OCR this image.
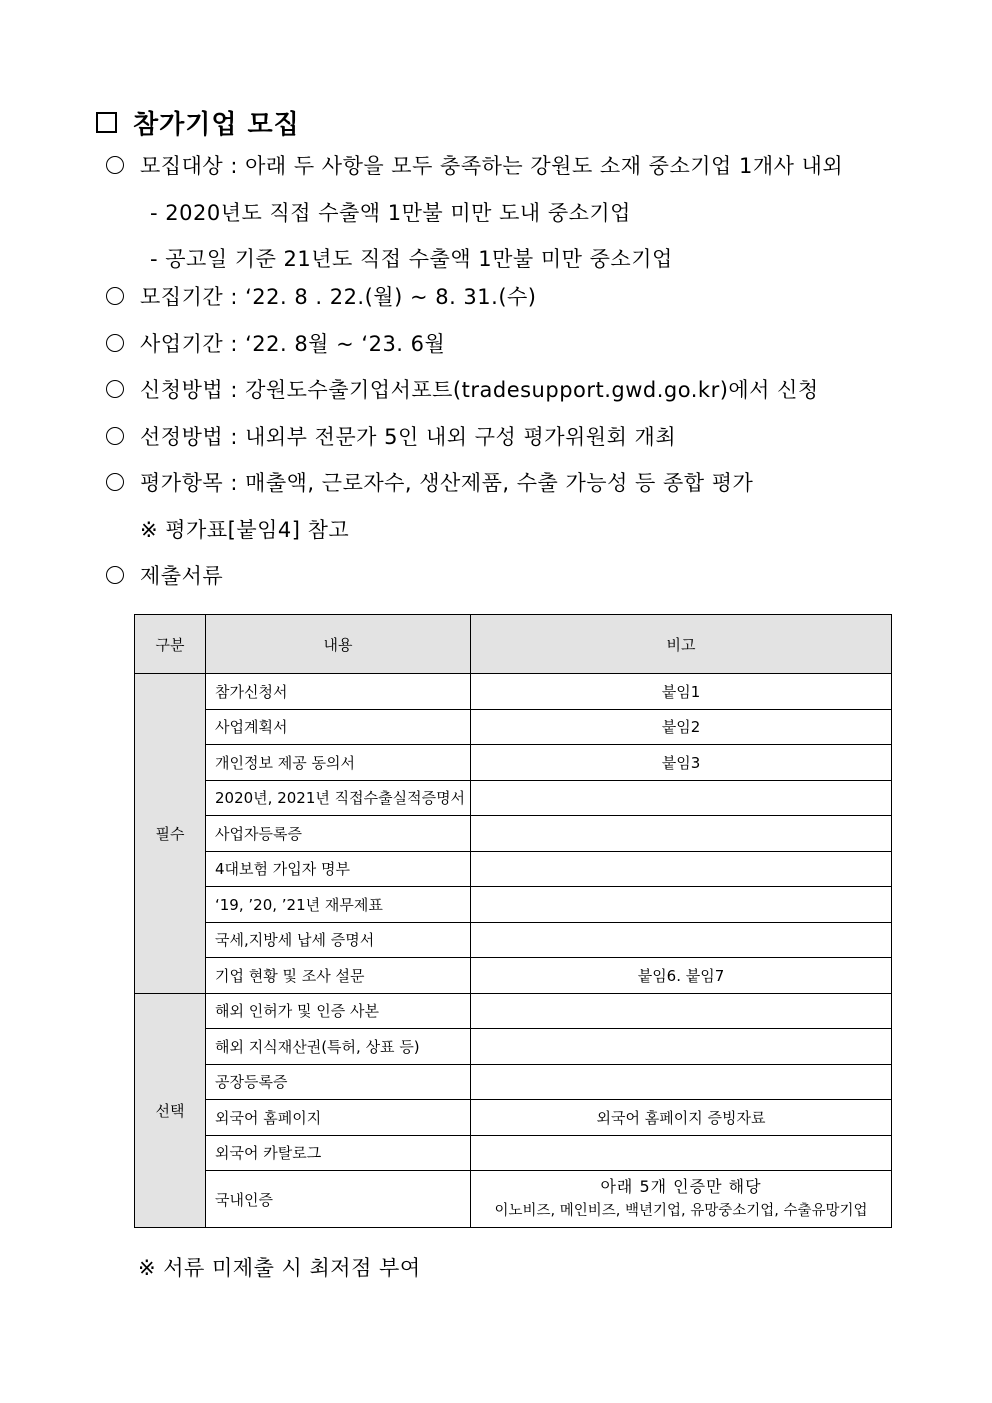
참가기업 모집
모집대상 : 아래 두 사항을 모두 충족하는 강원도 소재 중소기업 1개사 내외
- 2020년도 직접 수출액 1만불 미만 도내 중소기업
- 공고일 기준 21년도 직접 수출액 1만불 미만 중소기업
모집기간 : ‘22. 8 . 22.(월) ~ 8. 31.(수)
사업기간 : ‘22. 8월 ~ ‘23. 6월
신청방법 : 강원도수출기업서포트(tradesupport.gwd.go.kr)에서 신청
선정방법 : 내외부 전문가 5인 내외 구성 평가위원회 개최
평가항목 : 매출액, 근로자수, 생산제품, 수출 가능성 등 종합 평가
※ 평가표[붙임4] 참고
제출서류
구분	내용	비고
필수	참가신청서	붙임1
	사업계획서	붙임2
	개인정보 제공 동의서	붙임3
	2020년, 2021년 직접수출실적증명서	
	사업자등록증	
	4대보험 가입자 명부	
	‘19, ’20, ’21년 재무제표	
	국세,지방세 납세 증명서	
	기업 현황 및 조사 설문	붙임6. 붙임7
선택	해외 인허가 및 인증 사본	
	해외 지식재산권(특허, 상표 등)	
	공장등록증	
	외국어 홈페이지	외국어 홈페이지 증빙자료
	외국어 카탈로그	
	국내인증	아래 5개 인증만 해당
이노비즈, 메인비즈, 백년기업, 유망중소기업, 수출유망기업
※ 서류 미제출 시 최저점 부여
